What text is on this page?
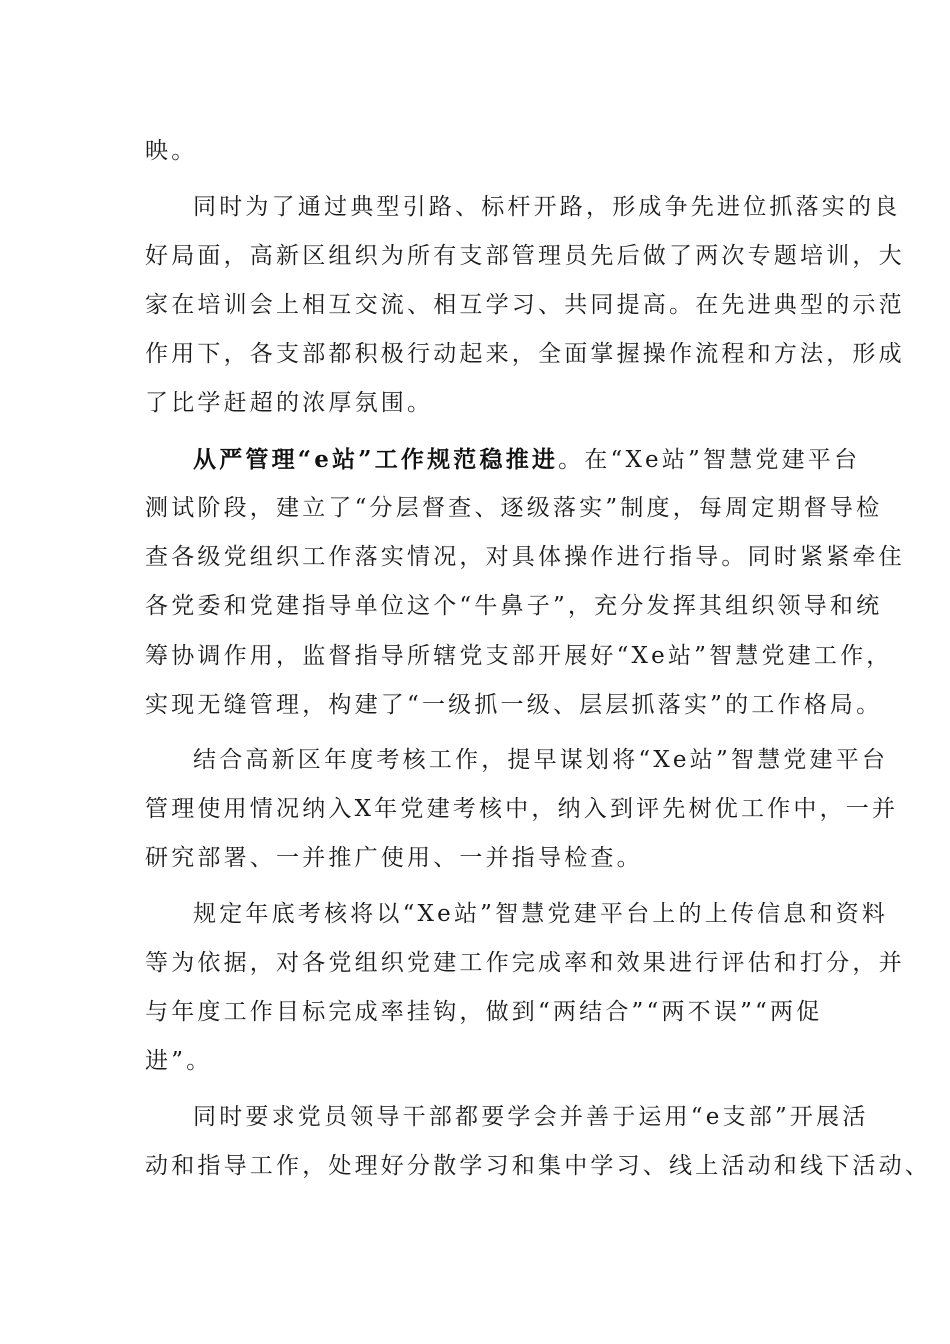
映。
同时为了通过典型引路、标杆开路，形成争先进位抓落实的良
好局面，高新区组织为所有支部管理员先后做了两次专题培训，大
家在培训会上相互交流、相互学习、共同提高。在先进典型的示范
作用下，各支部都积极行动起来，全面掌握操作流程和方法，形成
了比学赶超的浓厚氛围。
从严管理“e站”工作规范稳推进。在“Xe站”智慧党建平台
测试阶段，建立了“分层督查、逐级落实”制度，每周定期督导检
查各级党组织工作落实情况，对具体操作进行指导。同时紧紧牵住
各党委和党建指导单位这个“牛鼻子”，充分发挥其组织领导和统
筹协调作用，监督指导所辖党支部开展好“Xe站”智慧党建工作，
实现无缝管理，构建了“一级抓一级、层层抓落实”的工作格局。
结合高新区年度考核工作，提早谋划将“Xe站”智慧党建平台
管理使用情况纳入X年党建考核中，纳入到评先树优工作中，一并
研究部署、一并推广使用、一并指导检查。
规定年底考核将以“Xe站”智慧党建平台上的上传信息和资料
等为依据，对各党组织党建工作完成率和效果进行评估和打分，并
与年度工作目标完成率挂钩，做到“两结合”“两不误”“两促
进”。
同时要求党员领导干部都要学会并善于运用“e支部”开展活
动和指导工作，处理好分散学习和集中学习、线上活动和线下活动、
